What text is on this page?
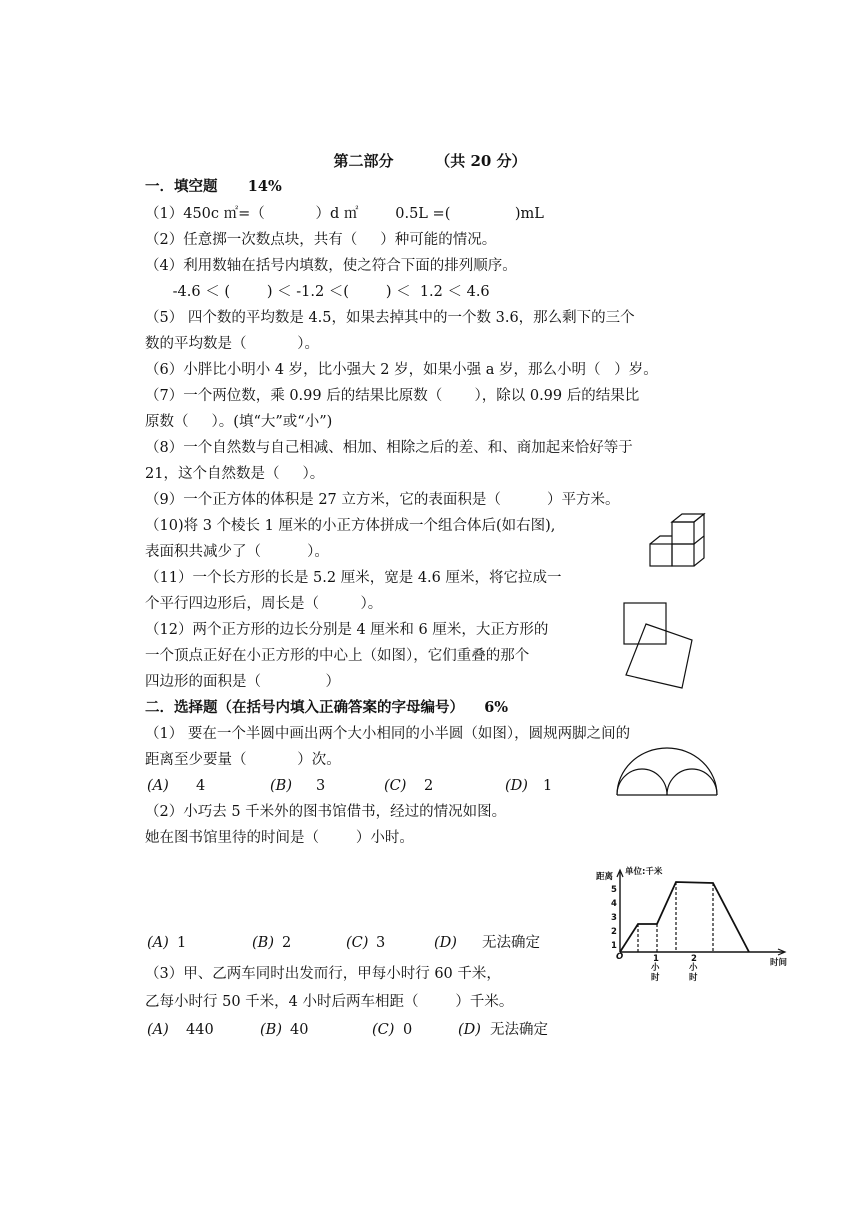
第二部分        （共 20 分）
一．填空题      14%
（1）450c ㎡=（           ）d ㎡        0.5L =(              )mL
（2）任意掷一次数点块，共有（     ）种可能的情况。
（4）利用数轴在括号内填数，使之符合下面的排列顺序。
-4.6 ＜ (        ) ＜ -1.2 ＜(        ) ＜  1.2 ＜ 4.6
（5） 四个数的平均数是 4.5，如果去掉其中的一个数 3.6，那么剩下的三个
数的平均数是（           ）。
（6）小胖比小明小 4 岁，比小强大 2 岁，如果小强 a 岁，那么小明（   ）岁。
（7）一个两位数，乘 0.99 后的结果比原数（       ），除以 0.99 后的结果比
原数（     ）。(填“大”或“小”)
（8）一个自然数与自己相减、相加、相除之后的差、和、商加起来恰好等于
21，这个自然数是（     ）。
（9）一个正方体的体积是 27 立方米，它的表面积是（          ）平方米。
（10)将 3 个棱长 1 厘米的小正方体拼成一个组合体后(如右图),
表面积共减少了（          ）。
（11）一个长方形的长是 5.2 厘米，宽是 4.6 厘米，将它拉成一
个平行四边形后，周长是（         ）。
（12）两个正方形的边长分别是 4 厘米和 6 厘米，大正方形的
一个顶点正好在小正方形的中心上（如图），它们重叠的那个
四边形的面积是（              ）
二．选择题（在括号内填入正确答案的字母编号）    6%
（1） 要在一个半圆中画出两个大小相同的小半圆（如图），圆规两脚之间的
距离至少要量（           ）次。
(A) 4	(B) 3	(C) 2	(D) 1
（2）小巧去 5 千米外的图书馆借书，经过的情况如图。
她在图书馆里待的时间是（        ）小时。
(A) 1	(B) 2	(C) 3	(D) 无法确定
（3）甲、乙两车同时出发而行，甲每小时行 60 千米，
乙每小时行 50 千米，4 小时后两车相距（        ）千米。
(A) 440	(B) 40	(C) 0	(D) 无法确定
距离 单位:千米
5
4
3
2
1
O	1	2
小
时
小
时
时间
